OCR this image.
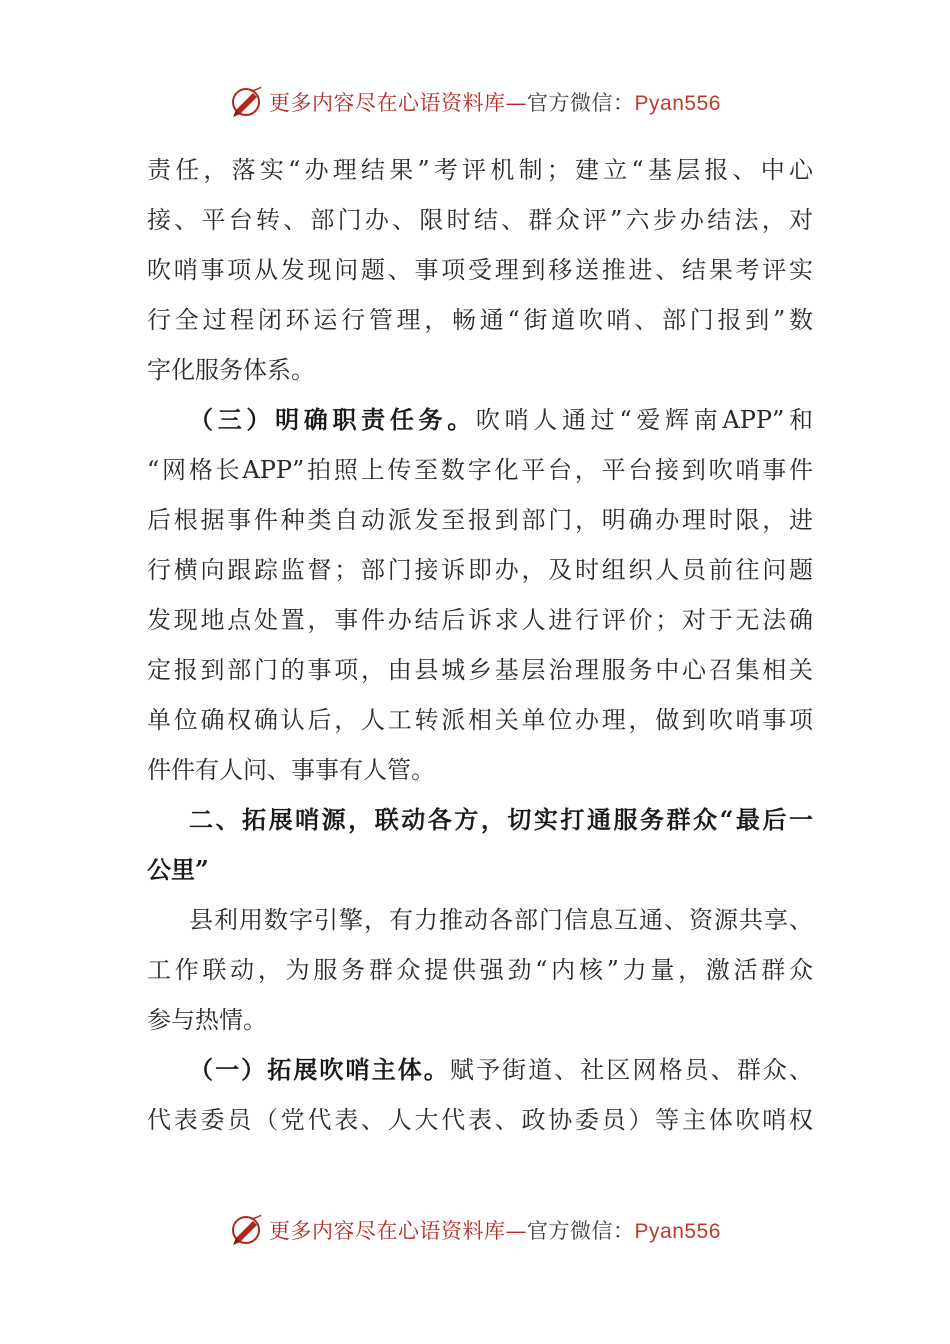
更多内容尽在心语资料库—官方微信：Pyan556
责任，落实“办理结果”考评机制；建立“基层报、中心
接、平台转、部门办、限时结、群众评”六步办结法，对
吹哨事项从发现问题、事项受理到移送推进、结果考评实
行全过程闭环运行管理，畅通“街道吹哨、部门报到”数
字化服务体系。
（三）明确职责任务。吹哨人通过“爱辉南APP”和
“网格长APP”拍照上传至数字化平台，平台接到吹哨事件
后根据事件种类自动派发至报到部门，明确办理时限，进
行横向跟踪监督；部门接诉即办，及时组织人员前往问题
发现地点处置，事件办结后诉求人进行评价；对于无法确
定报到部门的事项，由县城乡基层治理服务中心召集相关
单位确权确认后，人工转派相关单位办理，做到吹哨事项
件件有人问、事事有人管。
二、拓展哨源，联动各方，切实打通服务群众“最后一
公里”
县利用数字引擎，有力推动各部门信息互通、资源共享、
工作联动，为服务群众提供强劲“内核”力量，激活群众
参与热情。
（一）拓展吹哨主体。赋予街道、社区网格员、群众、
代表委员（党代表、人大代表、政协委员）等主体吹哨权
更多内容尽在心语资料库—官方微信：Pyan556
